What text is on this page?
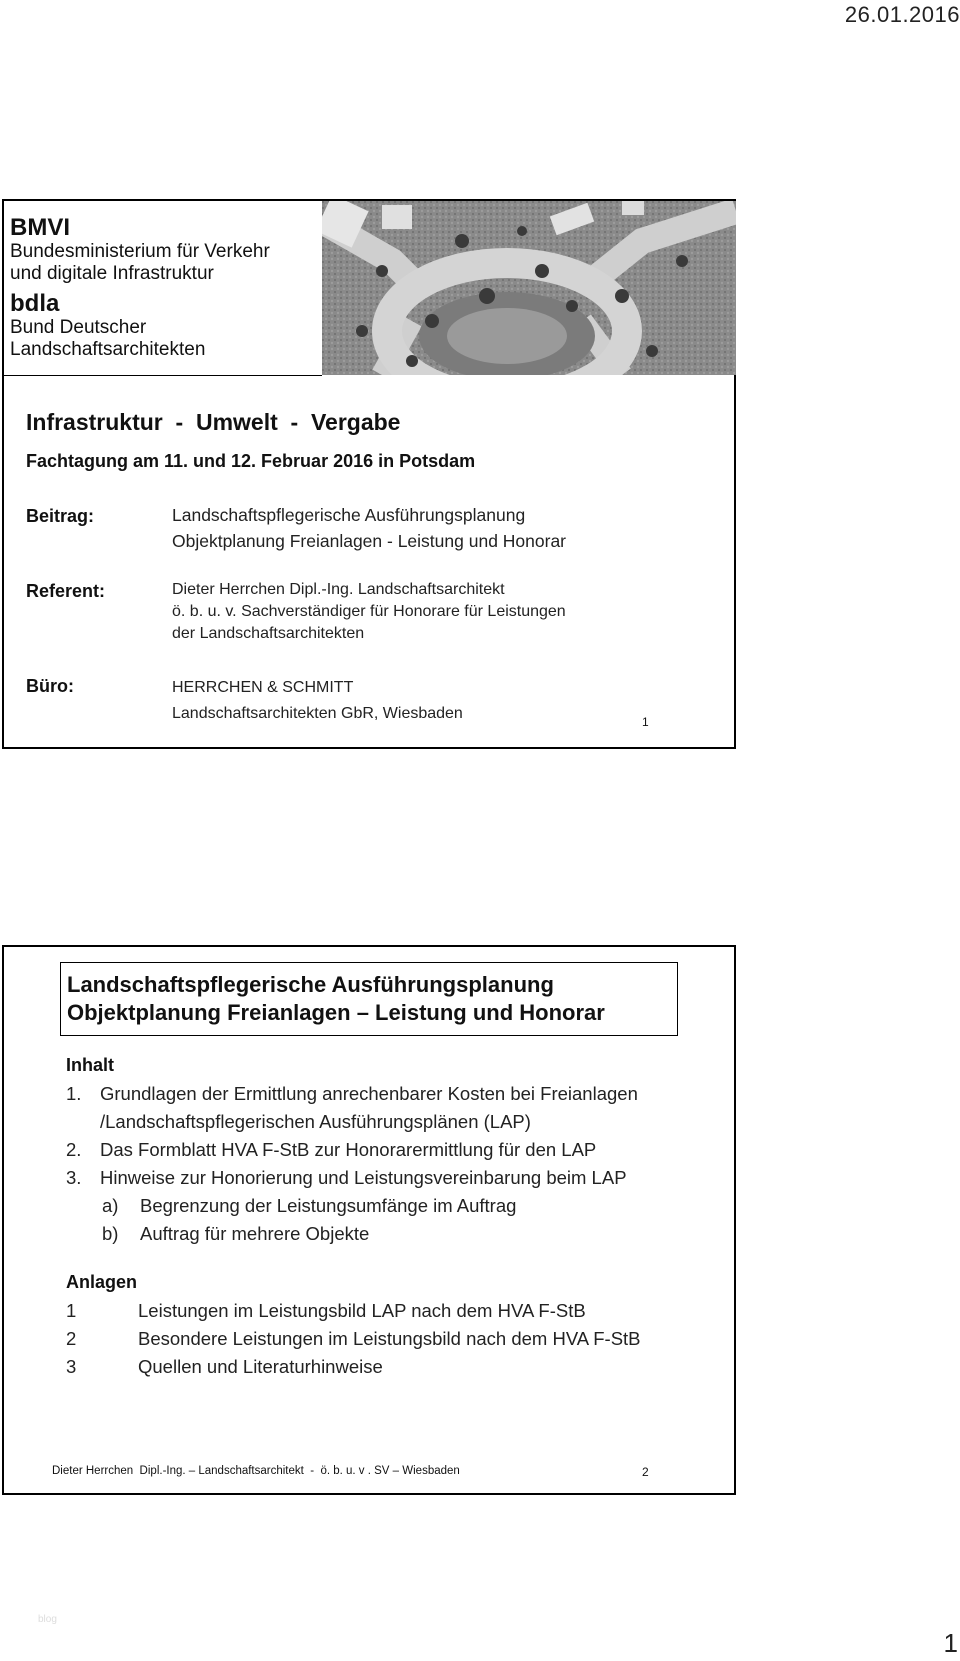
26.01.2016
BMVI
Bundesministerium für Verkehr
und digitale Infrastruktur
bdla
Bund Deutscher
Landschaftsarchitekten
Infrastruktur  -  Umwelt  -  Vergabe
Fachtagung am 11. und 12. Februar 2016 in Potsdam
Beitrag:	Landschaftspflegerische Ausführungsplanung
Objektplanung Freianlagen - Leistung und Honorar
Referent:	Dieter Herrchen Dipl.-Ing. Landschaftsarchitekt
ö. b. u. v. Sachverständiger für Honorare für Leistungen
der Landschaftsarchitekten
Büro:	HERRCHEN & SCHMITT
Landschaftsarchitekten GbR, Wiesbaden	1
Landschaftspflegerische Ausführungsplanung
Objektplanung Freianlagen – Leistung und Honorar
Inhalt
1. Grundlagen der Ermittlung anrechenbarer Kosten bei Freianlagen
/Landschaftspflegerischen Ausführungsplänen (LAP)
2. Das Formblatt HVA F-StB zur Honorarermittlung für den LAP
3. Hinweise zur Honorierung und Leistungsvereinbarung beim LAP
a) Begrenzung der Leistungsumfänge im Auftrag
b) Auftrag für mehrere Objekte
Anlagen
1	Leistungen im Leistungsbild LAP nach dem HVA F-StB
2	Besondere Leistungen im Leistungsbild nach dem HVA F-StB
3	Quellen und Literaturhinweise
Dieter Herrchen  Dipl.-Ing. – Landschaftsarchitekt  -  ö. b. u. v . SV – Wiesbaden	2
blog
1
